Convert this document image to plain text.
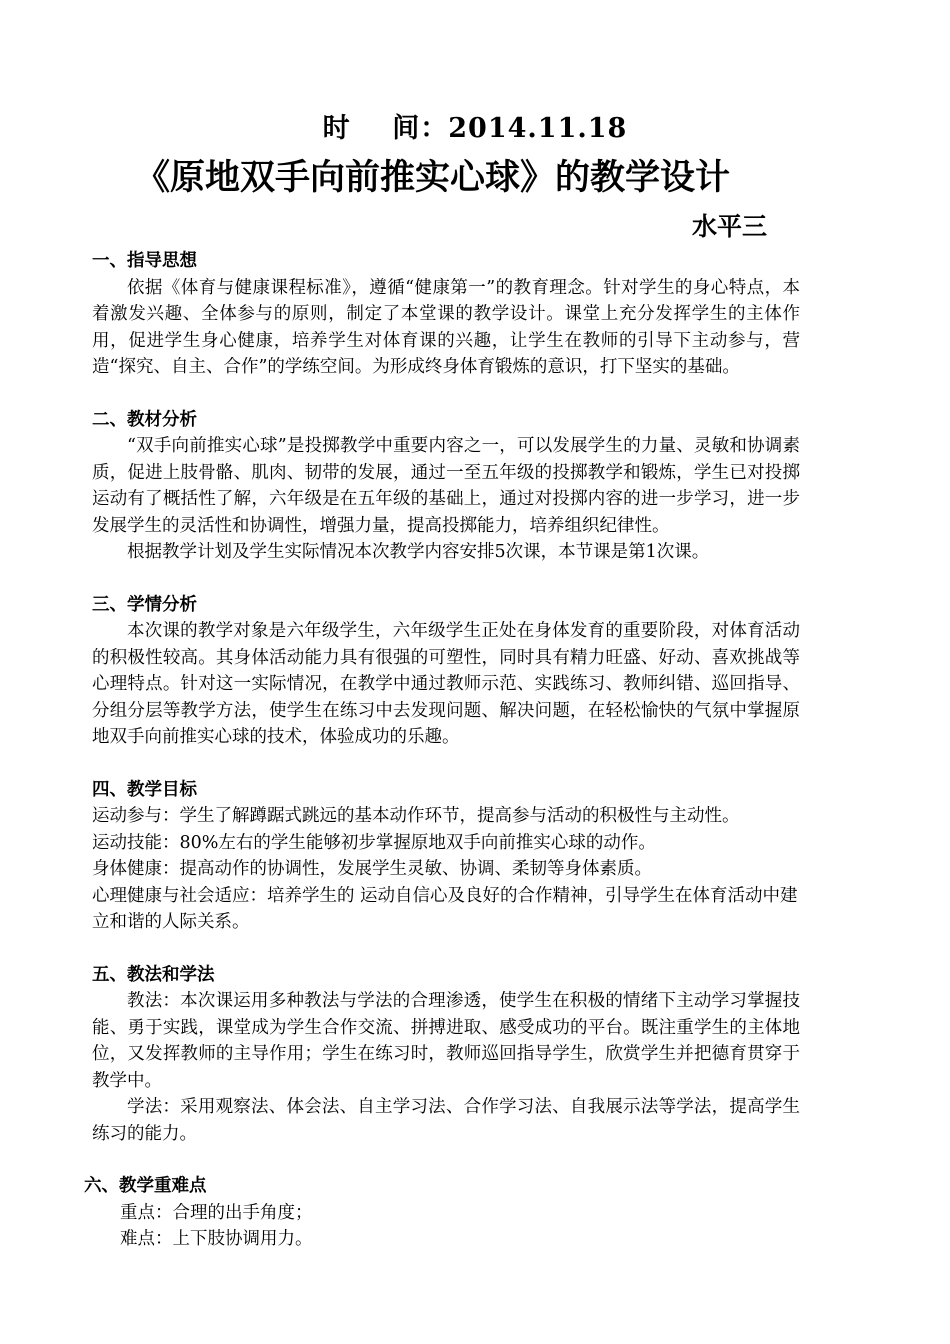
时    间：2014.11.18
《原地双手向前推实心球》的教学设计
水平三
一、指导思想
依据《体育与健康课程标准》，遵循“健康第一”的教育理念。针对学生的身心特点，本着激发兴趣、全体参与的原则，制定了本堂课的教学设计。课堂上充分发挥学生的主体作用，促进学生身心健康，培养学生对体育课的兴趣，让学生在教师的引导下主动参与，营造“探究、自主、合作”的学练空间。为形成终身体育锻炼的意识，打下坚实的基础。
二、教材分析
“双手向前推实心球”是投掷教学中重要内容之一，可以发展学生的力量、灵敏和协调素质，促进上肢骨骼、肌肉、韧带的发展，通过一至五年级的投掷教学和锻炼，学生已对投掷运动有了概括性了解，六年级是在五年级的基础上，通过对投掷内容的进一步学习，进一步发展学生的灵活性和协调性，增强力量，提高投掷能力，培养组织纪律性。
根据教学计划及学生实际情况本次教学内容安排5次课，本节课是第1次课。
三、学情分析
本次课的教学对象是六年级学生，六年级学生正处在身体发育的重要阶段，对体育活动的积极性较高。其身体活动能力具有很强的可塑性，同时具有精力旺盛、好动、喜欢挑战等心理特点。针对这一实际情况，在教学中通过教师示范、实践练习、教师纠错、巡回指导、分组分层等教学方法，使学生在练习中去发现问题、解决问题，在轻松愉快的气氛中掌握原地双手向前推实心球的技术，体验成功的乐趣。
四、教学目标
运动参与：学生了解蹲踞式跳远的基本动作环节，提高参与活动的积极性与主动性。
运动技能：80%左右的学生能够初步掌握原地双手向前推实心球的动作。
身体健康：提高动作的协调性，发展学生灵敏、协调、柔韧等身体素质。
心理健康与社会适应：培养学生的 运动自信心及良好的合作精神，引导学生在体育活动中建立和谐的人际关系。
五、教法和学法
教法：本次课运用多种教法与学法的合理渗透，使学生在积极的情绪下主动学习掌握技能、勇于实践，课堂成为学生合作交流、拼搏进取、感受成功的平台。既注重学生的主体地位，又发挥教师的主导作用；学生在练习时，教师巡回指导学生，欣赏学生并把德育贯穿于教学中。
学法：采用观察法、体会法、自主学习法、合作学习法、自我展示法等学法，提高学生练习的能力。
六、教学重难点
重点：合理的出手角度；
难点：上下肢协调用力。
